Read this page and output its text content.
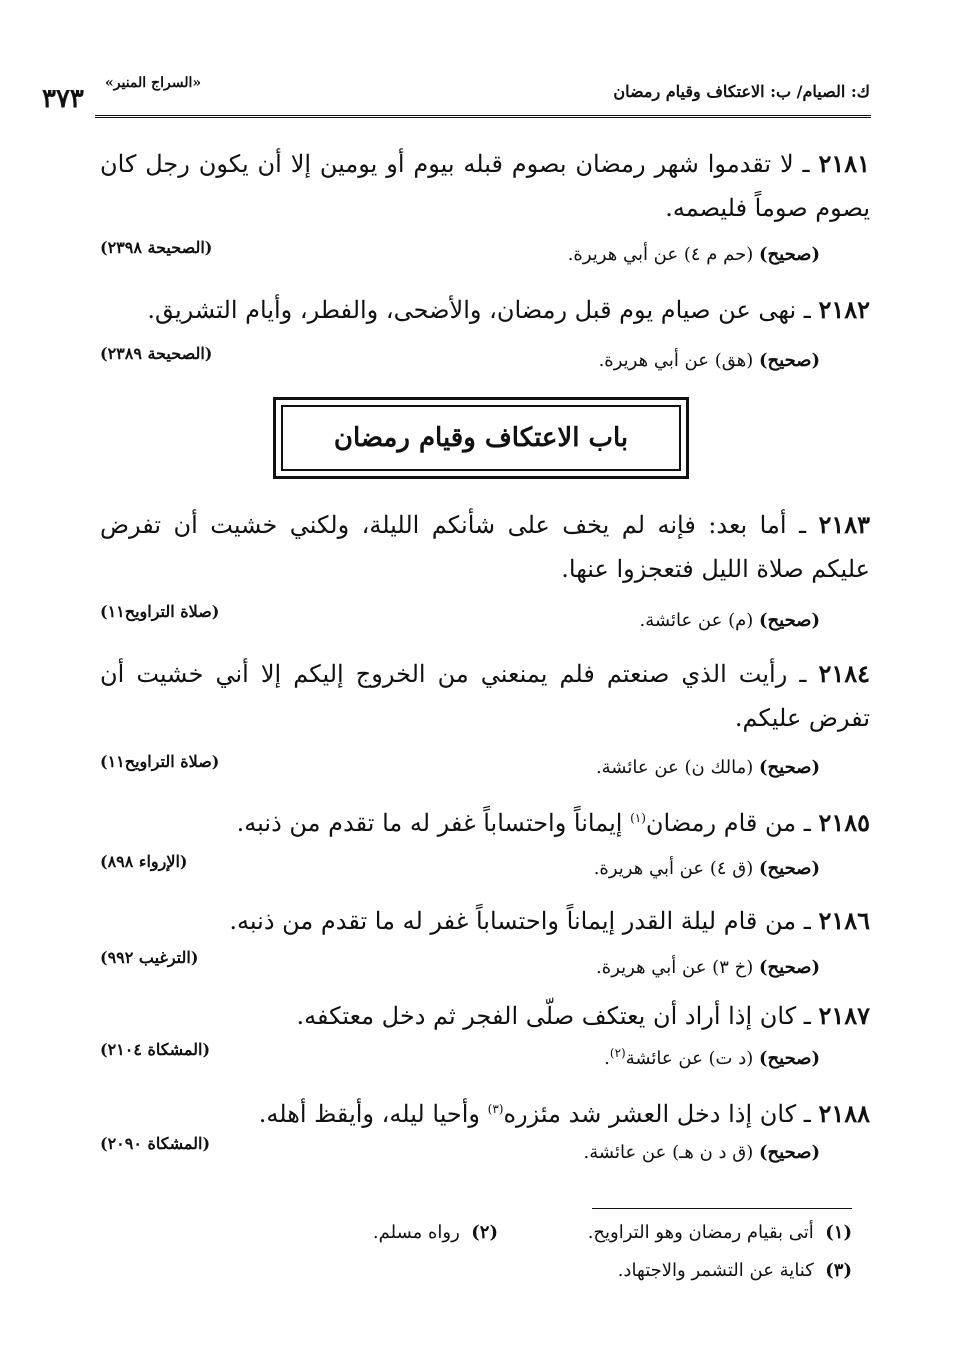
ك: الصيام/ ب: الاعتكاف وقيام رمضان
«السراج المنير»
٣٧٣
٢١٨١ ـ لا تقدموا شهر رمضان بصوم قبله بيوم أو يومين إلا أن يكون رجل كان يصوم صوماً فليصمه.
(صحيح) (حم م ٤) عن أبي هريرة.
(الصحيحة ٢٣٩٨)
٢١٨٢ ـ نهى عن صيام يوم قبل رمضان، والأضحى، والفطر، وأيام التشريق.
(صحيح) (هق) عن أبي هريرة.
(الصحيحة ٢٣٨٩)
باب الاعتكاف وقيام رمضان
٢١٨٣ ـ أما بعد: فإنه لم يخف على شأنكم الليلة، ولكني خشيت أن تفرض عليكم صلاة الليل فتعجزوا عنها.
(صحيح) (م) عن عائشة.
(صلاة التراويح١١)
٢١٨٤ ـ رأيت الذي صنعتم فلم يمنعني من الخروج إليكم إلا أني خشيت أن تفرض عليكم.
(صحيح) (مالك ن) عن عائشة.
(صلاة التراويح١١)
٢١٨٥ ـ من قام رمضان$^{(١)}$ إيماناً واحتساباً غفر له ما تقدم من ذنبه.
(صحيح) (ق ٤) عن أبي هريرة.
(الإرواء ٨٩٨)
٢١٨٦ ـ من قام ليلة القدر إيماناً واحتساباً غفر له ما تقدم من ذنبه.
(صحيح) (خ ٣) عن أبي هريرة.
(الترغيب ٩٩٢)
٢١٨٧ ـ كان إذا أراد أن يعتكف صلّى الفجر ثم دخل معتكفه.
(صحيح) (د ت) عن عائشة$^{(٢)}$.
(المشكاة ٢١٠٤)
٢١٨٨ ـ كان إذا دخل العشر شد مئزره$^{(٣)}$ وأحيا ليله، وأيقظ أهله.
(صحيح) (ق د ن هـ) عن عائشة.
(المشكاة ٢٠٩٠)
(١)  أتى بقيام رمضان وهو التراويح.
(٢)  رواه مسلم.
(٣)  كناية عن التشمر والاجتهاد.
